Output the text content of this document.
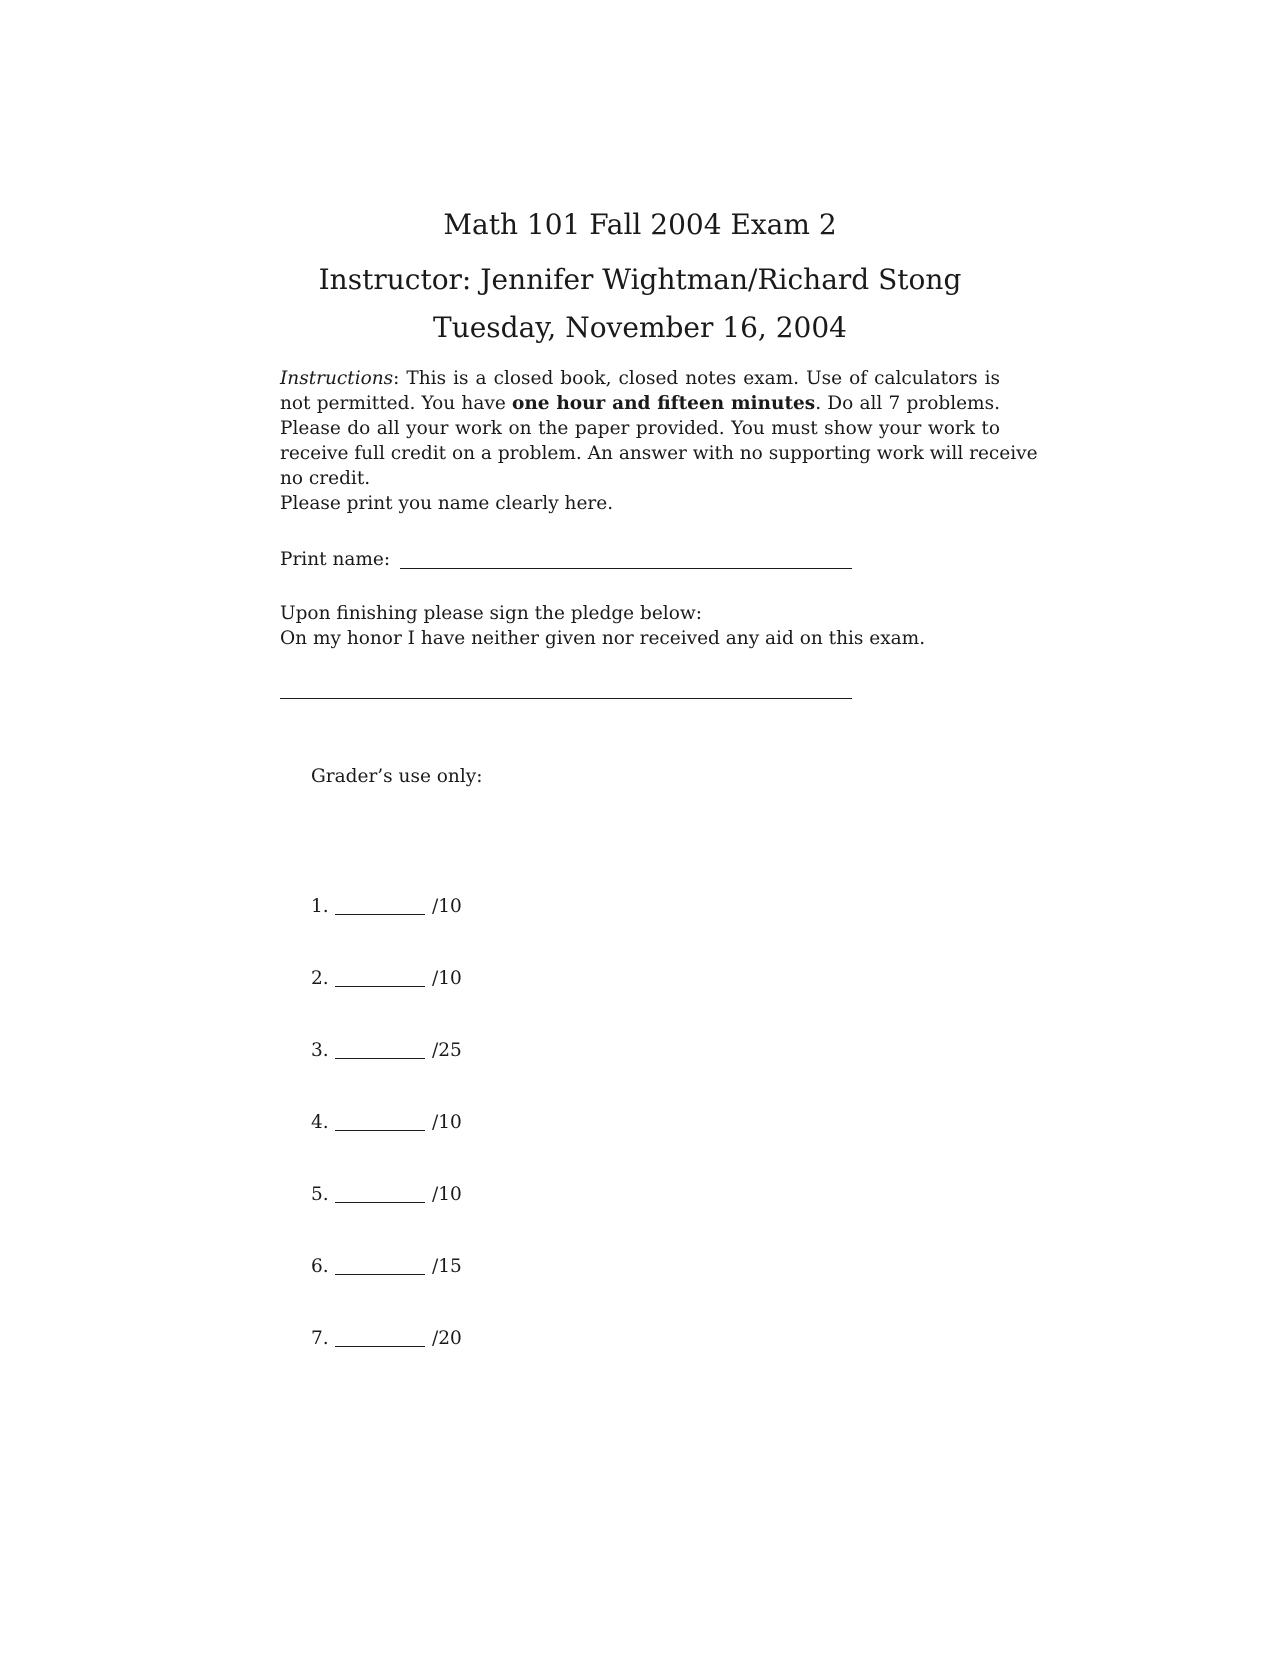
Math 101 Fall 2004 Exam 2
Instructor: Jennifer Wightman/Richard Stong
Tuesday, November 16, 2004
Instructions: This is a closed book, closed notes exam. Use of calculators is
not permitted. You have one hour and fifteen minutes. Do all 7 problems.
Please do all your work on the paper provided. You must show your work to
receive full credit on a problem. An answer with no supporting work will receive
no credit.
Please print you name clearly here.
Print name:
Upon finishing please sign the pledge below:
On my honor I have neither given nor received any aid on this exam.
Grader’s use only:
1.	/10
2.	/10
3.	/25
4.	/10
5.	/10
6.	/15
7.	/20
